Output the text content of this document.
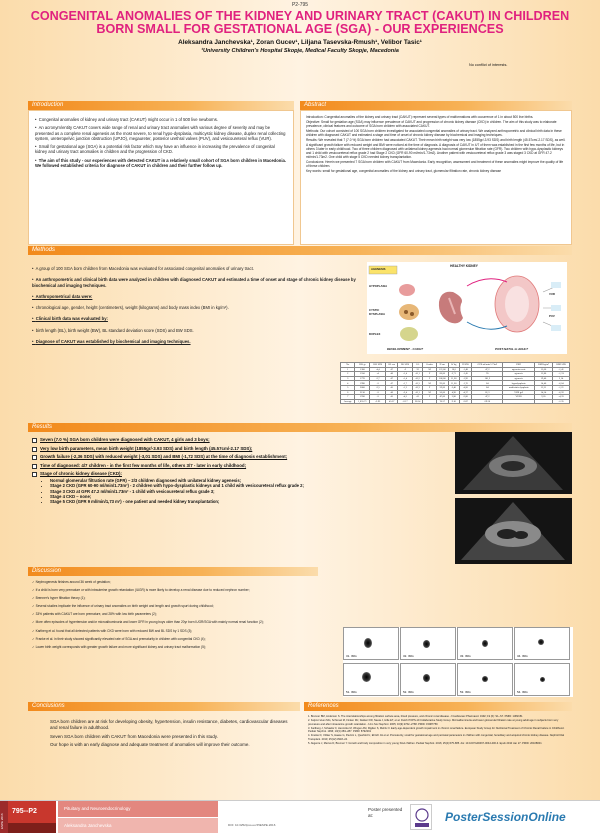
P2-795
CONGENITAL ANOMALIES OF THE KIDNEY AND URINARY TRACT (CAKUT) IN CHILDREN BORN SMALL FOR GESTATIONAL AGE (SGA) - OUR EXPERIENCES
Aleksandra Janchevska¹, Zoran Gucev¹, Liljana Tasevska-Rmush¹, Velibor Tasic¹
¹University Children's Hospital Skopje, Medical Faculty Skopje, Macedonia
No conflict of interests.
Introduction

•  Congenital anomalies of kidney and urinary tract (CAKUT) might occur in 1 of 500 live newborns.

•  An acronym/entity CAKUT covers wide range of renal and urinary tract anomalies with various degree of severity and may be presented as a complete renal agenesis as the most severe, to renal hypo-dysplasia, multicystic kidney disease, duplex renal collecting system, ureteropelvic junction obstruction (UPJO), megaureter, posterior urethral valves (PUV), and vesicoureteral reflux (VUR).

•  Small for gestational age (SGA) is a potential risk factor which may have an influence in increasing the prevalence of congenital kidney and urinary tract anomalies in children and the progression of CKD.

•  The aim of this study - our experiences with detected CAKUT in a relatively small cohort of SGA born children in Macedonia. We followed established criteria for diagnose of CAKUT in children and their further follow up.

Abstract

Introduction: Congenital anomalies of the kidney and urinary tract (CAKUT) represent several types of malformations with occurrence of 1 in about 500 live births.

Objective: Small for gestation age (SGA) may influence prevalence of CAKUT and progression of chronic kidney disease (CKD) in children. The aim of this study was to elaborate prevalence, clinical features and outcome of SGA born children with associated CAKUT.

Methods: Our cohort consisted of 100 SGA born children investigated for associated congenital anomalies of urinary tract. We analyzed anthropometric and clinical birth data in these children with diagnosed CAKUT and estimated a stage and time of onset of chronic kidney disease by biochemical and imaging techniques.

Results: We revealed that 7 (7.0 %) SGA born children had associated CAKUT. Their mean birth weight was very low (1855gr/-3.93 SDS) and birth length (45.57cm/-2.17 SDS), as well. A significant growth failure with reduced weight and BMI were noticed at the time of diagnosis. A diagnosis of CAKUT in 4/7 of them was established in the first few months of life, but in others 3 later in early childhood. Two of three children diagnosed with unilateral kidney agenesis had normal glomerular filtration rate (GFR). Two children with hypo-dysplastic kidneys and 1 child with vesicoureteral reflux grade 2 had Stage 2 CKD (GFR 60-90 ml/min/1.73m2). Another patient with vesicoureteral reflux grade 3 was staged 3 CKD at GFR 47.2 ml/min/1.73m2. One child with stage 5 CKD needed kidney transplantation.

Conclusions: Herein we presented 7 SGA born children with CAKUT from Macedonia. Early recognition, assessment and treatment of these anomalies might improve the quality of life of these children.

Key words: small for gestational age, congenital anomalies of the kidney and urinary tract, glomerular filtration rate, chronic kidney disease

Methods

•  A group of 100 SGA born children from Macedonia was evaluated for associated congenital anomalies of urinary tract.

•  An anthropometric and clinical birth data were analyzed in children with diagnosed CAKUT and estimated a time of onset and stage of chronic kidney disease by biochemical and imaging techniques.

•  Anthropometrical data were:

•  chronological age, gender, height (centimeters), weight (kilograms) and body mass index (BMI in kg/m²).

•  Clinical birth data was evaluated by:

•  birth length (BL), birth weight (BW), BL standard deviation score (SDS) and BW SDS.

•  Diagnose of CAKUT was established by biochemical and imaging techniques.

AGENESIS
HEALTHY KIDNEY
HYPOPLASIA
CYSTIC DYSPLASIA
DUPLEX
VUR
PUV
DEVELOPMENT - CAKUT	POST-NATAL to ADULT
No	BW gr	BW SDS	BL cm	BL SDS	GA	Gender	H cm	W kg	H SDS	GFR ml/min/1.73m²	PRD	BMI kg/m²	BMI SDS
1	1360	-4,4	47	-2	32	M	121,00	16,0	-1,48	47,2	agenesis renis	15,00	-1,41
2	1550	-4	46	-1,4	41,1	F	60,00	6,71	-1,45	95	agenesis	15,80	-1,74
3	1770	-2,7	47	-1,4	41,2	F	106,00	11,60	-1,96	101,2	agenesis	19,40	2,14
4	1990	-3	47	-1,7	41,3	M	92,00	11,60	-1,76	84	hypodysplasia	14,40	-0,64
5	2060	-2,5	45	-1,3	41,3	F	59,00	6,40	-4,60	84	multicistic dysplasia	15,31	-1,21
6	2130	-3	46	-2,4	41,1	M	56,00	4,90	-4,37	81,3	VUR gr2	14,54	-0,59
7	1930	-3	45	-4,5	41	F	47,00	2,80	-2,00	47,2	VUR3	9,65	-4,33
Average	1,855.71	-3.93	45.57	-2.17	38.14		70.57	9.16	-2.87	69.26			-1.35
Results
Seven (7.0 %) SGA born children were diagnosed with CAKUT, 4 girls and 3 boys;
Very low birth parameters, mean birth weight (1855gr/-3.93 SDS) and birth length (45.57cm/-2.17 SDS);
Growth failure (-2,36 SDS) with reduced weight (-3,01 SDS) and BMI (-1,72 SDS) at the time of diagnosis establishment;
Time of diagnosed: 4/7 children - in the first few months of life, others 3/7 - later in early childhood;
Stage of chronic kidney disease (CKD):
• Normal glomerular filtration rate (GFR) – 2/3 children diagnosed with unilateral kidney agenesis;
• Stage 2 CKD (GFR 60-90 ml/min/1.73m²) - 2 children with hypo-dysplastic kidneys and 1 child with vesicoureteral reflux grade 2;
• Stage 3 CKD at GFR 47.2 ml/min/1.73m² - 1 child with vesicoureteral reflux grade 3;
• Stage 4 CKD – none;
• Stage 5 CKD (GFR 9 ml/min/1,73 m²) - one patient and needed kidney transplantation;
Discussion

✓ Nephrogenesis finishes around 36 week of gestation;

✓ If a child is born very premature or with intrauterine growth retardation (IUGR) is more likely to develop a renal disease due to reduced nephron number;

✓ Brenner's hyper filtration theory (1);

✓ Several studies implicate the influence of urinary tract anomalies on birth weight and length and growth spurt during childhood;

✓ 33% patients with CAKUT are born premature, and 28% with low birth parameters (2);

✓ More often episodes of hypertension and/or microalbuminuria and lower GFR in young boys older than 20yr born IUGR/SGA with mainly normal renal function (2);

✓ Karlberg et al. found that all detected patients with CKD were born with reduced BW and BL SDS by 1 SDS (3);

✓ Franke et al. in their study showed significantly elevated rate of SGA and prematurity in children with congenital CKD (4);

✓ Lower birth weight corresponds with greater growth failure and more significant kidney and urinary tract malformation (5);

31. IMG	32. IMG	33. IMG	34. IMG
51. IMG	52. IMG	53. IMG	54. IMG
Conclusions

SGA born children are at risk for developing obesity, hypertension, insulin resistance, diabetes, cardiovascular diseases and renal failure in adulthood.

Seven SGA born children with CAKUT from Macedonia were presented in this study.

Our hope is with an early diagnose and adequate treatment of anomalies will improve their outcome.

References

1. Brenner BM, Anderson S. The interrelationships among filtration surface area, blood pressure, and chronic renal disease. J Cardiovasc Pharmacol. 1992; 19 (6): S1–S7. PMID: 1382151

2. Keijzer-Veen MG, Schrevel M, Finken MJ, Dekker FW, Nauta J, Hille ET, et al. Dutch POPS-19 Collaborative Study Group. Microalbuminuria and lower glomerular filtration rate at young adult age in subjects born very premature and after intrauterine growth retardation. J Am Soc Nephrol. 2005; 16(9):2762–2768. PMID: 15987759

3. Karlberg J, Schaefer F, Hennicke M, Wingen AM, Rigden S, Mehls O. Early age-dependent growth impairment in chronic renal failure. European Study Group for Nutritional Treatment of Chronic Renal Failure in Childhood. Pediatr Nephrol. 1996; 10(3):283–287. PMID: 8792391

4. Franke D, Völker S, Haase G, Pavicic L, Querfeld U, Ehrich JH et al. Prematurity, small for gestational age and perinatal parameters in children with congenital, hereditary and acquired chronic kidney disease. Nephrol Dial Transplant. 2010; 25(12):3918–24.

5. Akgente J, Mertus D, Brenner Y. Growth and body composition in very young SGA children. Pediatr Nephrol. 2016; 25(4):675-685. doi: 10.1007/s00467-009-1400-3. Epub 2010 Jan 27. PMID: 20108001

ESPE 2016
795--P2	Pituitary and Neuroendocrinology
Aleksandra Janchevska	DOI: 10.3252/pso.eu.55ESPE.2016
Poster presented at:	PosterSessionOnline
